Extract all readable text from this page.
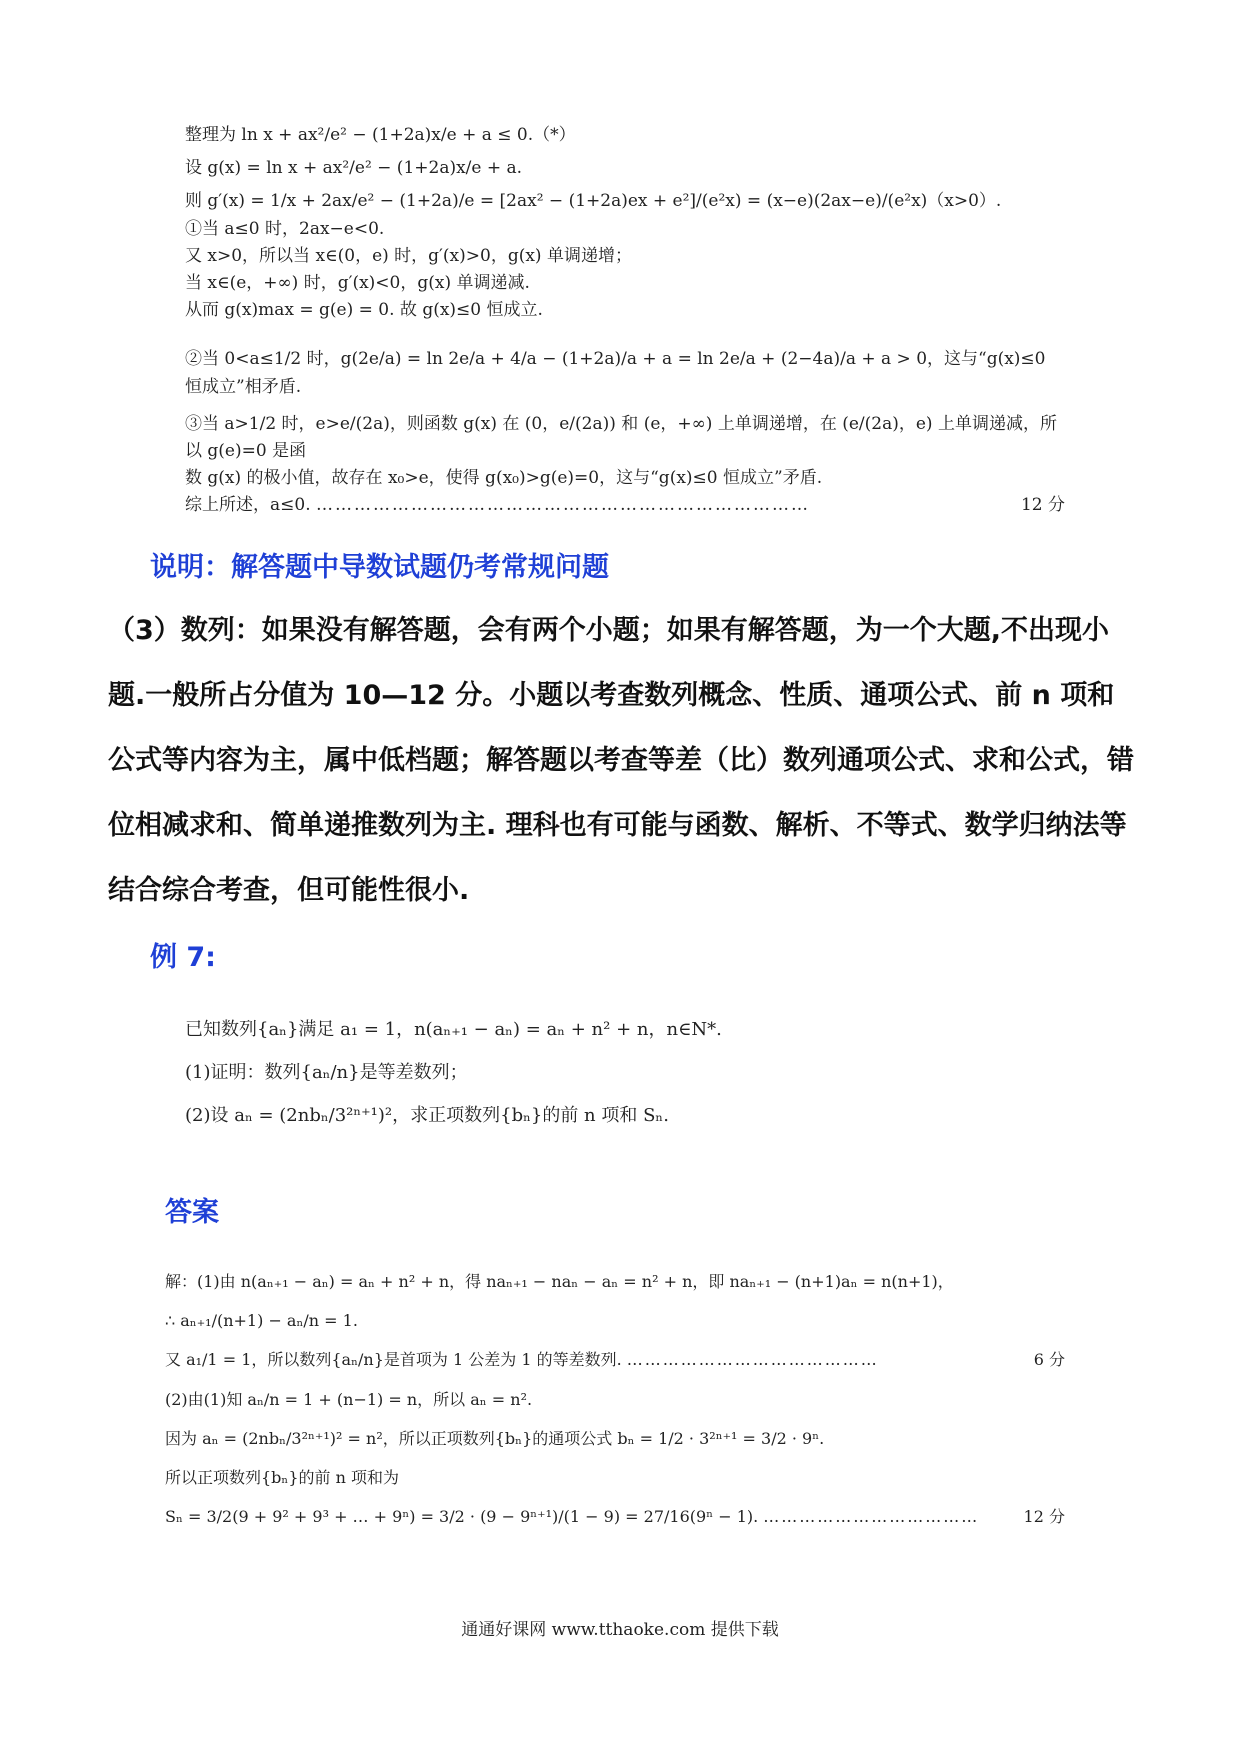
整理为 ln x + ax²/e² − (1+2a)x/e + a ≤ 0.（*）
设 g(x) = ln x + ax²/e² − (1+2a)x/e + a.
则 g′(x) = 1/x + 2ax/e² − (1+2a)/e = [2ax² − (1+2a)ex + e²]/(e²x) = (x−e)(2ax−e)/(e²x)（x>0）.
①当 a≤0 时，2ax−e<0.
又 x>0，所以当 x∈(0，e) 时，g′(x)>0，g(x) 单调递增；
当 x∈(e，+∞) 时，g′(x)<0，g(x) 单调递减.
从而 g(x)max = g(e) = 0. 故 g(x)≤0 恒成立.
②当 0<a≤1/2 时，g(2e/a) = ln 2e/a + 4/a − (1+2a)/a + a = ln 2e/a + (2−4a)/a + a > 0，这与“g(x)≤0 恒成立”相矛盾.
③当 a>1/2 时，e>e/(2a)，则函数 g(x) 在 (0，e/(2a)) 和 (e，+∞) 上单调递增，在 (e/(2a)，e) 上单调递减，所以 g(e)=0 是函
数 g(x) 的极小值，故存在 x₀>e，使得 g(x₀)>g(e)=0，这与“g(x)≤0 恒成立”矛盾.
综上所述，a≤0. ……………………………………………………………………	12 分
说明：解答题中导数试题仍考常规问题

（3）数列：如果没有解答题，会有两个小题；如果有解答题，为一个大题,不出现小题.一般所占分值为 10—12 分。小题以考查数列概念、性质、通项公式、前 n 项和公式等内容为主，属中低档题；解答题以考查等差（比）数列通项公式、求和公式，错位相减求和、简单递推数列为主. 理科也有可能与函数、解析、不等式、数学归纳法等结合综合考查，但可能性很小.

例 7:
已知数列{aₙ}满足 a₁ = 1，n(aₙ₊₁ − aₙ) = aₙ + n² + n，n∈N*.
(1)证明：数列{aₙ/n}是等差数列；
(2)设 aₙ = (2nbₙ/3²ⁿ⁺¹)²，求正项数列{bₙ}的前 n 项和 Sₙ.
答案
解：(1)由 n(aₙ₊₁ − aₙ) = aₙ + n² + n，得 naₙ₊₁ − naₙ − aₙ = n² + n，即 naₙ₊₁ − (n+1)aₙ = n(n+1)，
∴ aₙ₊₁/(n+1) − aₙ/n = 1.
又 a₁/1 = 1，所以数列{aₙ/n}是首项为 1 公差为 1 的等差数列. ……………………………………	6 分
(2)由(1)知 aₙ/n = 1 + (n−1) = n，所以 aₙ = n².
因为 aₙ = (2nbₙ/3²ⁿ⁺¹)² = n²，所以正项数列{bₙ}的通项公式 bₙ = 1/2 · 3²ⁿ⁺¹ = 3/2 · 9ⁿ.
所以正项数列{bₙ}的前 n 项和为
Sₙ = 3/2(9 + 9² + 9³ + … + 9ⁿ) = 3/2 · (9 − 9ⁿ⁺¹)/(1 − 9) = 27/16(9ⁿ − 1). ………………………………	12 分
通通好课网 www.tthaoke.com 提供下载
